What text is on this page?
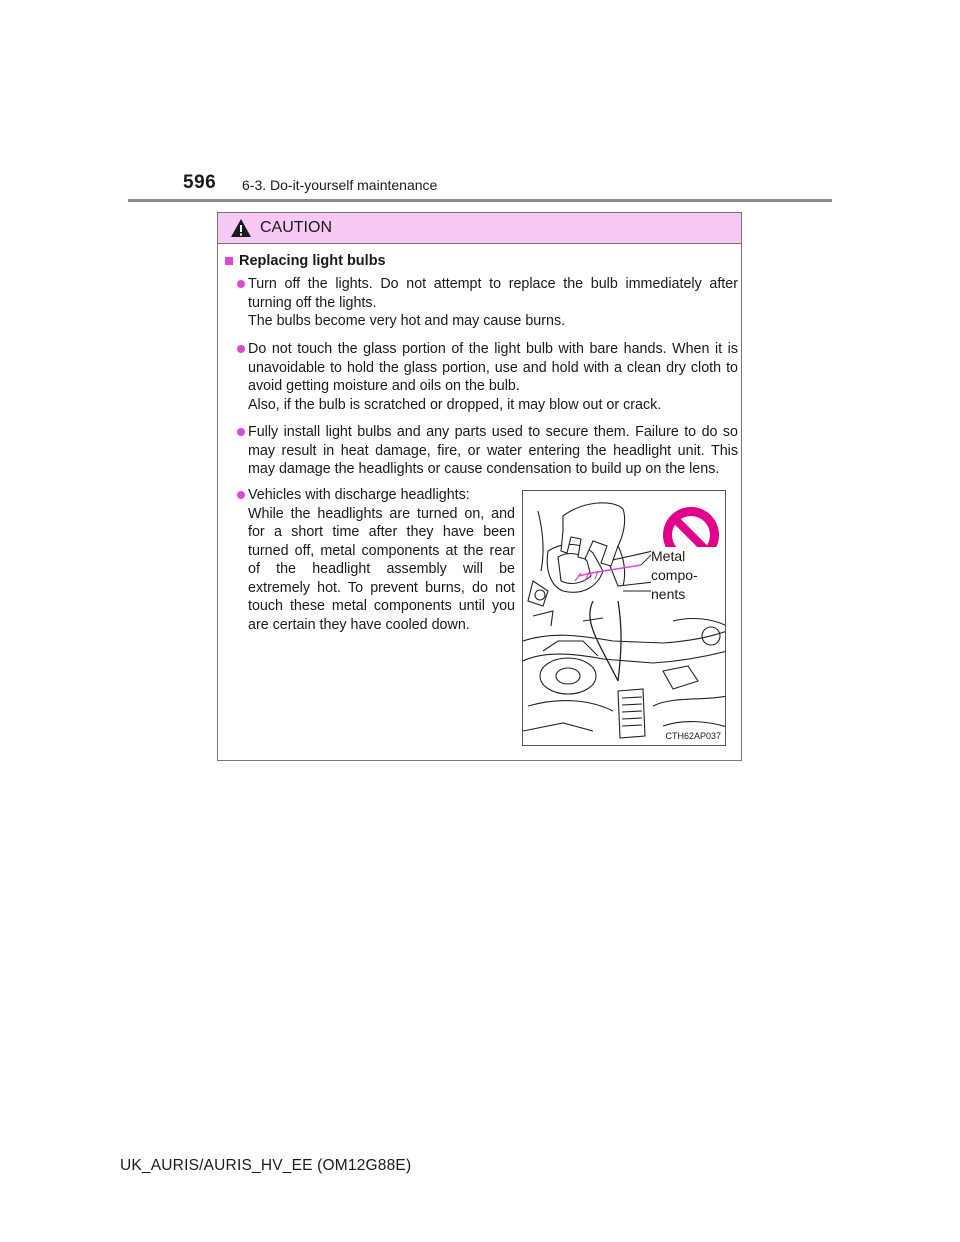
596 6-3. Do-it-yourself maintenance
CAUTION
Replacing light bulbs
Turn off the lights. Do not attempt to replace the bulb immediately after turning off the lights.
The bulbs become very hot and may cause burns.
Do not touch the glass portion of the light bulb with bare hands. When it is unavoidable to hold the glass portion, use and hold with a clean dry cloth to avoid getting moisture and oils on the bulb.
Also, if the bulb is scratched or dropped, it may blow out or crack.
Fully install light bulbs and any parts used to secure them. Failure to do so may result in heat damage, fire, or water entering the headlight unit. This may damage the headlights or cause condensation to build up on the lens.
Vehicles with discharge headlights:
While the headlights are turned on, and for a short time after they have been turned off, metal components at the rear of the headlight assembly will be extremely hot. To prevent burns, do not touch these metal components until you are certain they have cooled down.
Metal
compo-
nents
CTH62AP037
UK_AURIS/AURIS_HV_EE (OM12G88E)
